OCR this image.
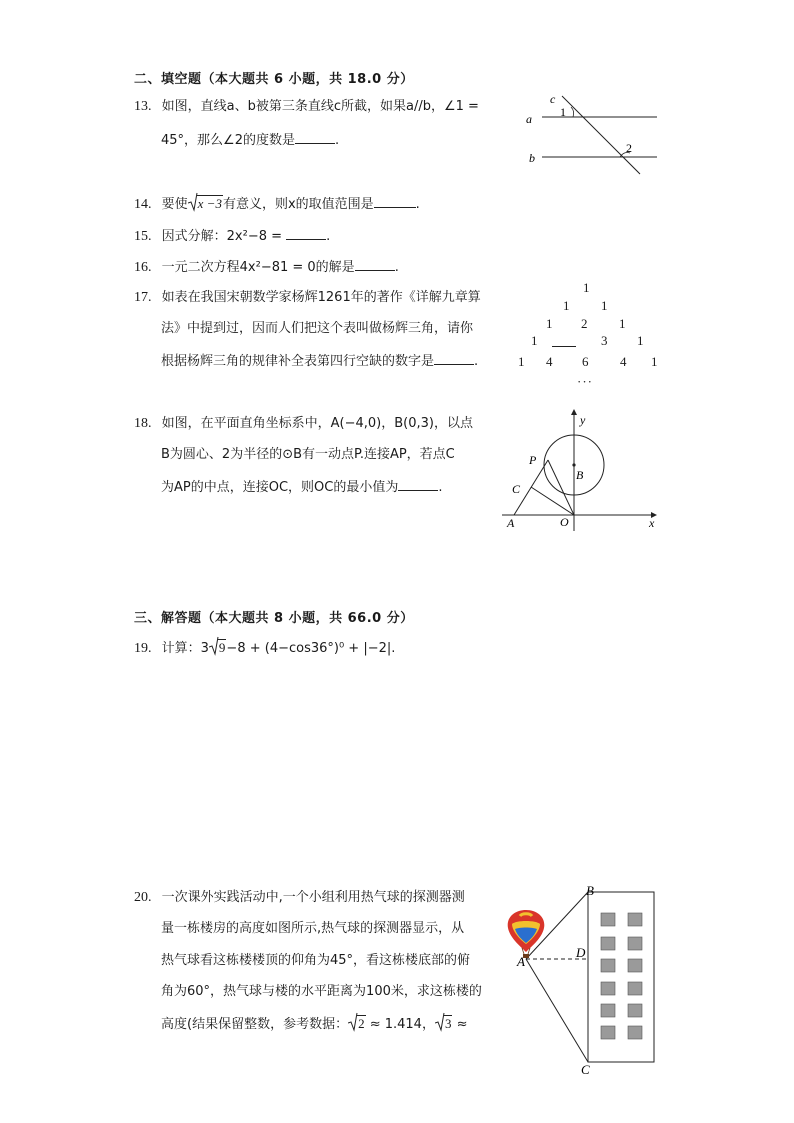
二、填空题（本大题共 6 小题，共 18.0 分）
13. 如图，直线a、b被第三条直线c所截，如果a//b，∠1 =
45°，那么∠2的度数是	.
c
1
a
b
2
14. 要使 x −3有意义，则x的取值范围是	.
15. 因式分解：2x²−8 =	.
16. 一元二次方程4x²−81 = 0的解是	.
17. 如表在我国宋朝数学家杨辉1261年的著作《详解九章算
法》中提到过，因而人们把这个表叫做杨辉三角，请你
根据杨辉三角的规律补全表第四行空缺的数字是	.
1
1 1
1 2 1
1	3 1
1 4 6 4 1
···
18. 如图，在平面直角坐标系中，A(−4,0)，B(0,3)，以点
B为圆心、2为半径的⊙B有一动点P.连接AP，若点C
为AP的中点，连接OC，则OC的最小值为	.
y
x
P
B
C
A	O
三、解答题（本大题共 8 小题，共 66.0 分）
19. 计算：3 9−8 + (4−cos36°)⁰ + |−2|.
20. 一次课外实践活动中,一个小组利用热气球的探测器测
量一栋楼房的高度如图所示,热气球的探测器显示，从
热气球看这栋楼楼顶的仰角为45°，看这栋楼底部的俯
角为60°，热气球与楼的水平距离为100米，求这栋楼的
高度(结果保留整数，参考数据： 2 ≈ 1.414， 3 ≈
B
A
D
C
